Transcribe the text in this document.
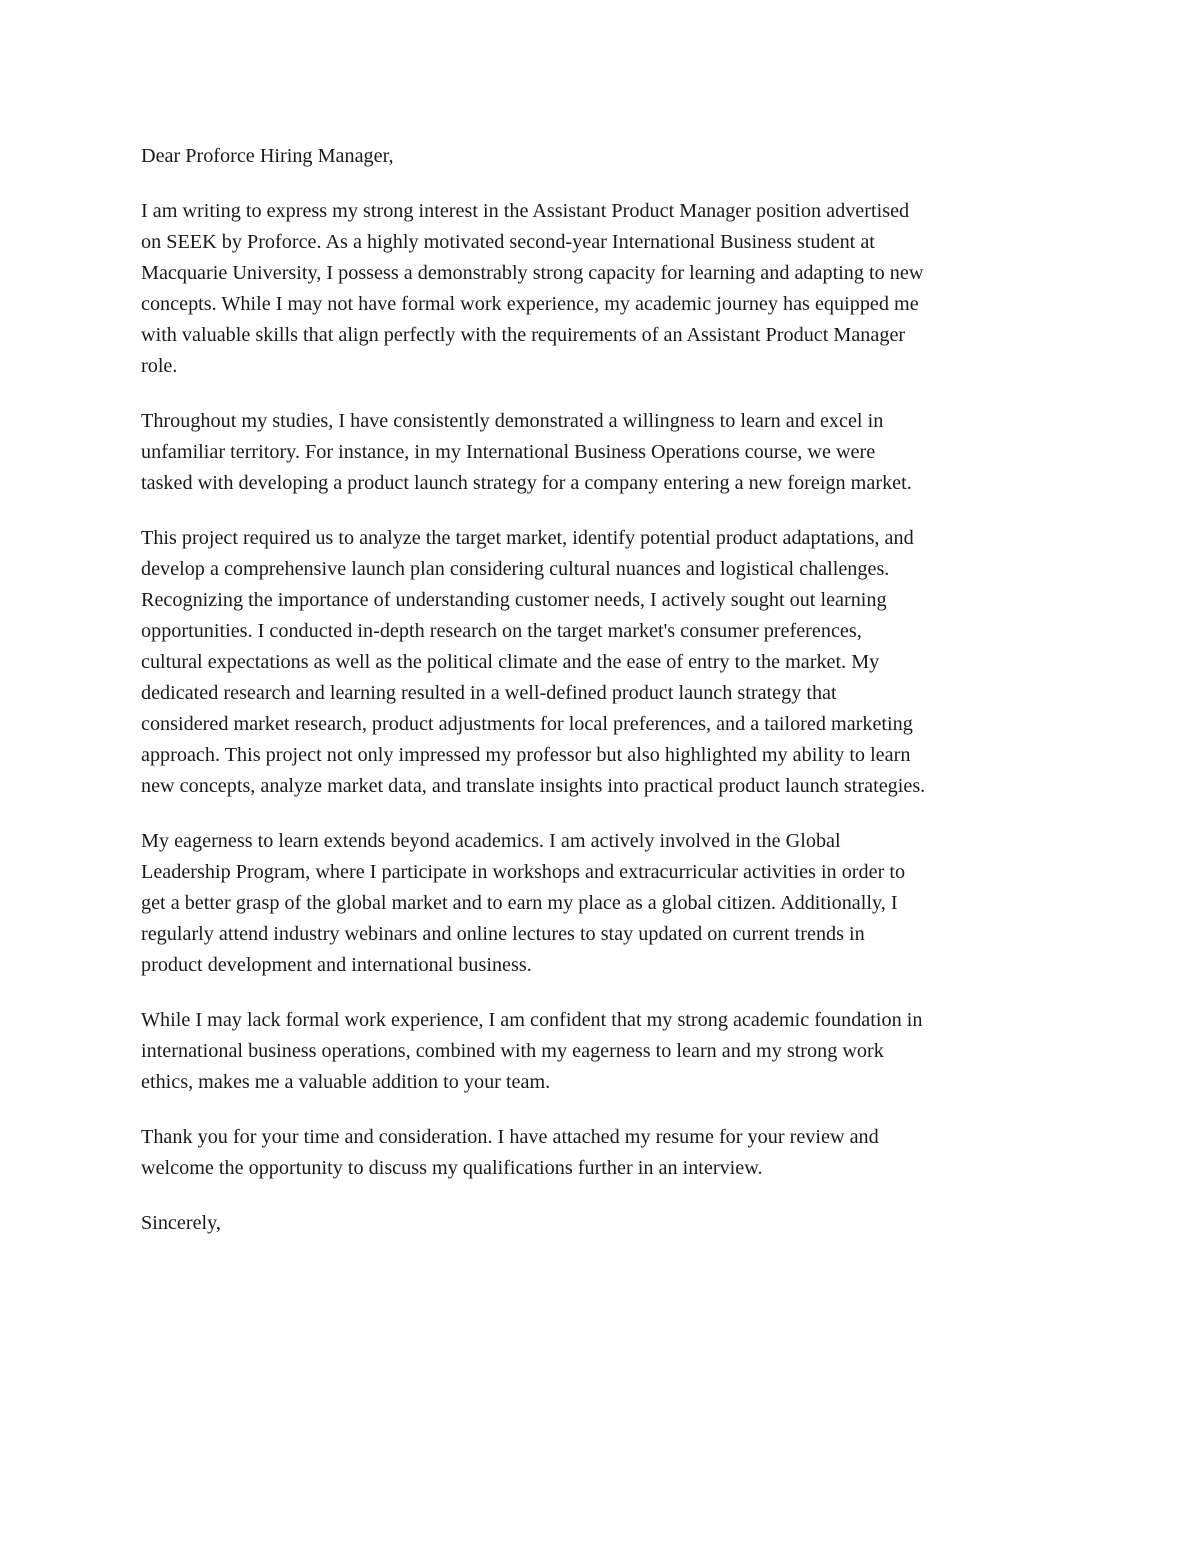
Dear Proforce Hiring Manager,

I am writing to express my strong interest in the Assistant Product Manager position advertised
on SEEK by Proforce. As a highly motivated second-year International Business student at
Macquarie University, I possess a demonstrably strong capacity for learning and adapting to new
concepts. While I may not have formal work experience, my academic journey has equipped me
with valuable skills that align perfectly with the requirements of an Assistant Product Manager
role.

Throughout my studies, I have consistently demonstrated a willingness to learn and excel in
unfamiliar territory. For instance, in my International Business Operations course, we were
tasked with developing a product launch strategy for a company entering a new foreign market.

This project required us to analyze the target market, identify potential product adaptations, and
develop a comprehensive launch plan considering cultural nuances and logistical challenges.
Recognizing the importance of understanding customer needs, I actively sought out learning
opportunities. I conducted in-depth research on the target market's consumer preferences,
cultural expectations as well as the political climate and the ease of entry to the market. My
dedicated research and learning resulted in a well-defined product launch strategy that
considered market research, product adjustments for local preferences, and a tailored marketing
approach. This project not only impressed my professor but also highlighted my ability to learn
new concepts, analyze market data, and translate insights into practical product launch strategies.

My eagerness to learn extends beyond academics. I am actively involved in the Global
Leadership Program, where I participate in workshops and extracurricular activities in order to
get a better grasp of the global market and to earn my place as a global citizen. Additionally, I
regularly attend industry webinars and online lectures to stay updated on current trends in
product development and international business.

While I may lack formal work experience, I am confident that my strong academic foundation in
international business operations, combined with my eagerness to learn and my strong work
ethics, makes me a valuable addition to your team.

Thank you for your time and consideration. I have attached my resume for your review and
welcome the opportunity to discuss my qualifications further in an interview.

Sincerely,
